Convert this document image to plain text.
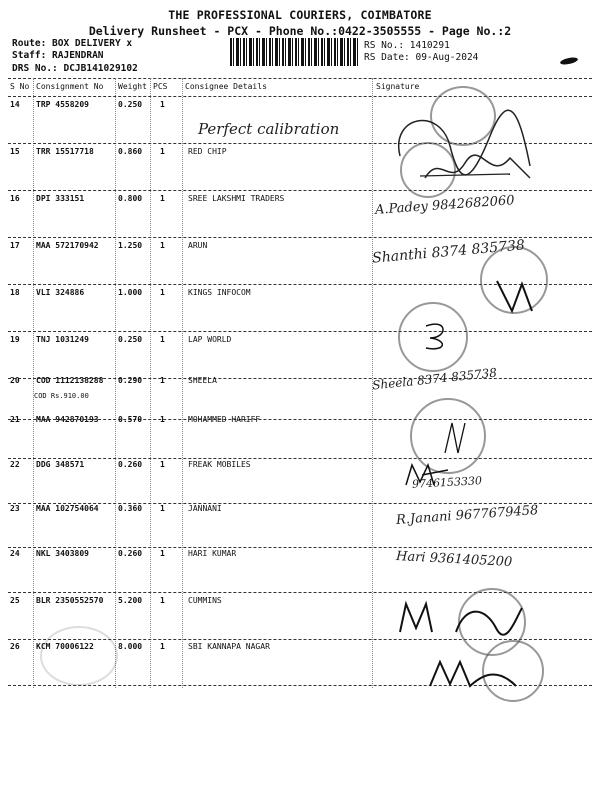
THE PROFESSIONAL COURIERS, COIMBATORE
Delivery Runsheet - PCX - Phone No.:0422-3505555 - Page No.:2
Route: BOX DELIVERY x
Staff: RAJENDRAN
DRS No.: DCJB141029102
RS No.: 1410291
RS Date: 09-Aug-2024
S No Consignment No Weight PCS Consignee Details	Signature
14 TRP 4558209	0.250 1
15 TRR 15517718	0.860 1	RED CHIP
16 DPI 333151	0.800 1	SREE LAKSHMI TRADERS
17 MAA 572170942 1.250 1	ARUN
18 VLI 324886	1.000 1	KINGS INFOCOM
19 TNJ 1031249	0.250 1	LAP WORLD
20 COD 1112138288 0.290 1	SHEELA
COD Rs.910.00
21 MAA 942870193 0.570 1	MOHAMMED HARIFF
22 DDG 348571	0.260 1	FREAK MOBILES
23 MAA 102754064 0.360 1	JANNANI
24 NKL 3403809	0.260 1	HARI KUMAR
25 BLR 2350552570 5.200 1	CUMMINS
26 KCM 70006122	8.000 1	SBI KANNAPA NAGAR
Perfect calibration
A.Padey 9842682060
Shanthi 8374 835738
Sheela 8374 835738
9746153330
R.Janani 9677679458
Hari 9361405200
